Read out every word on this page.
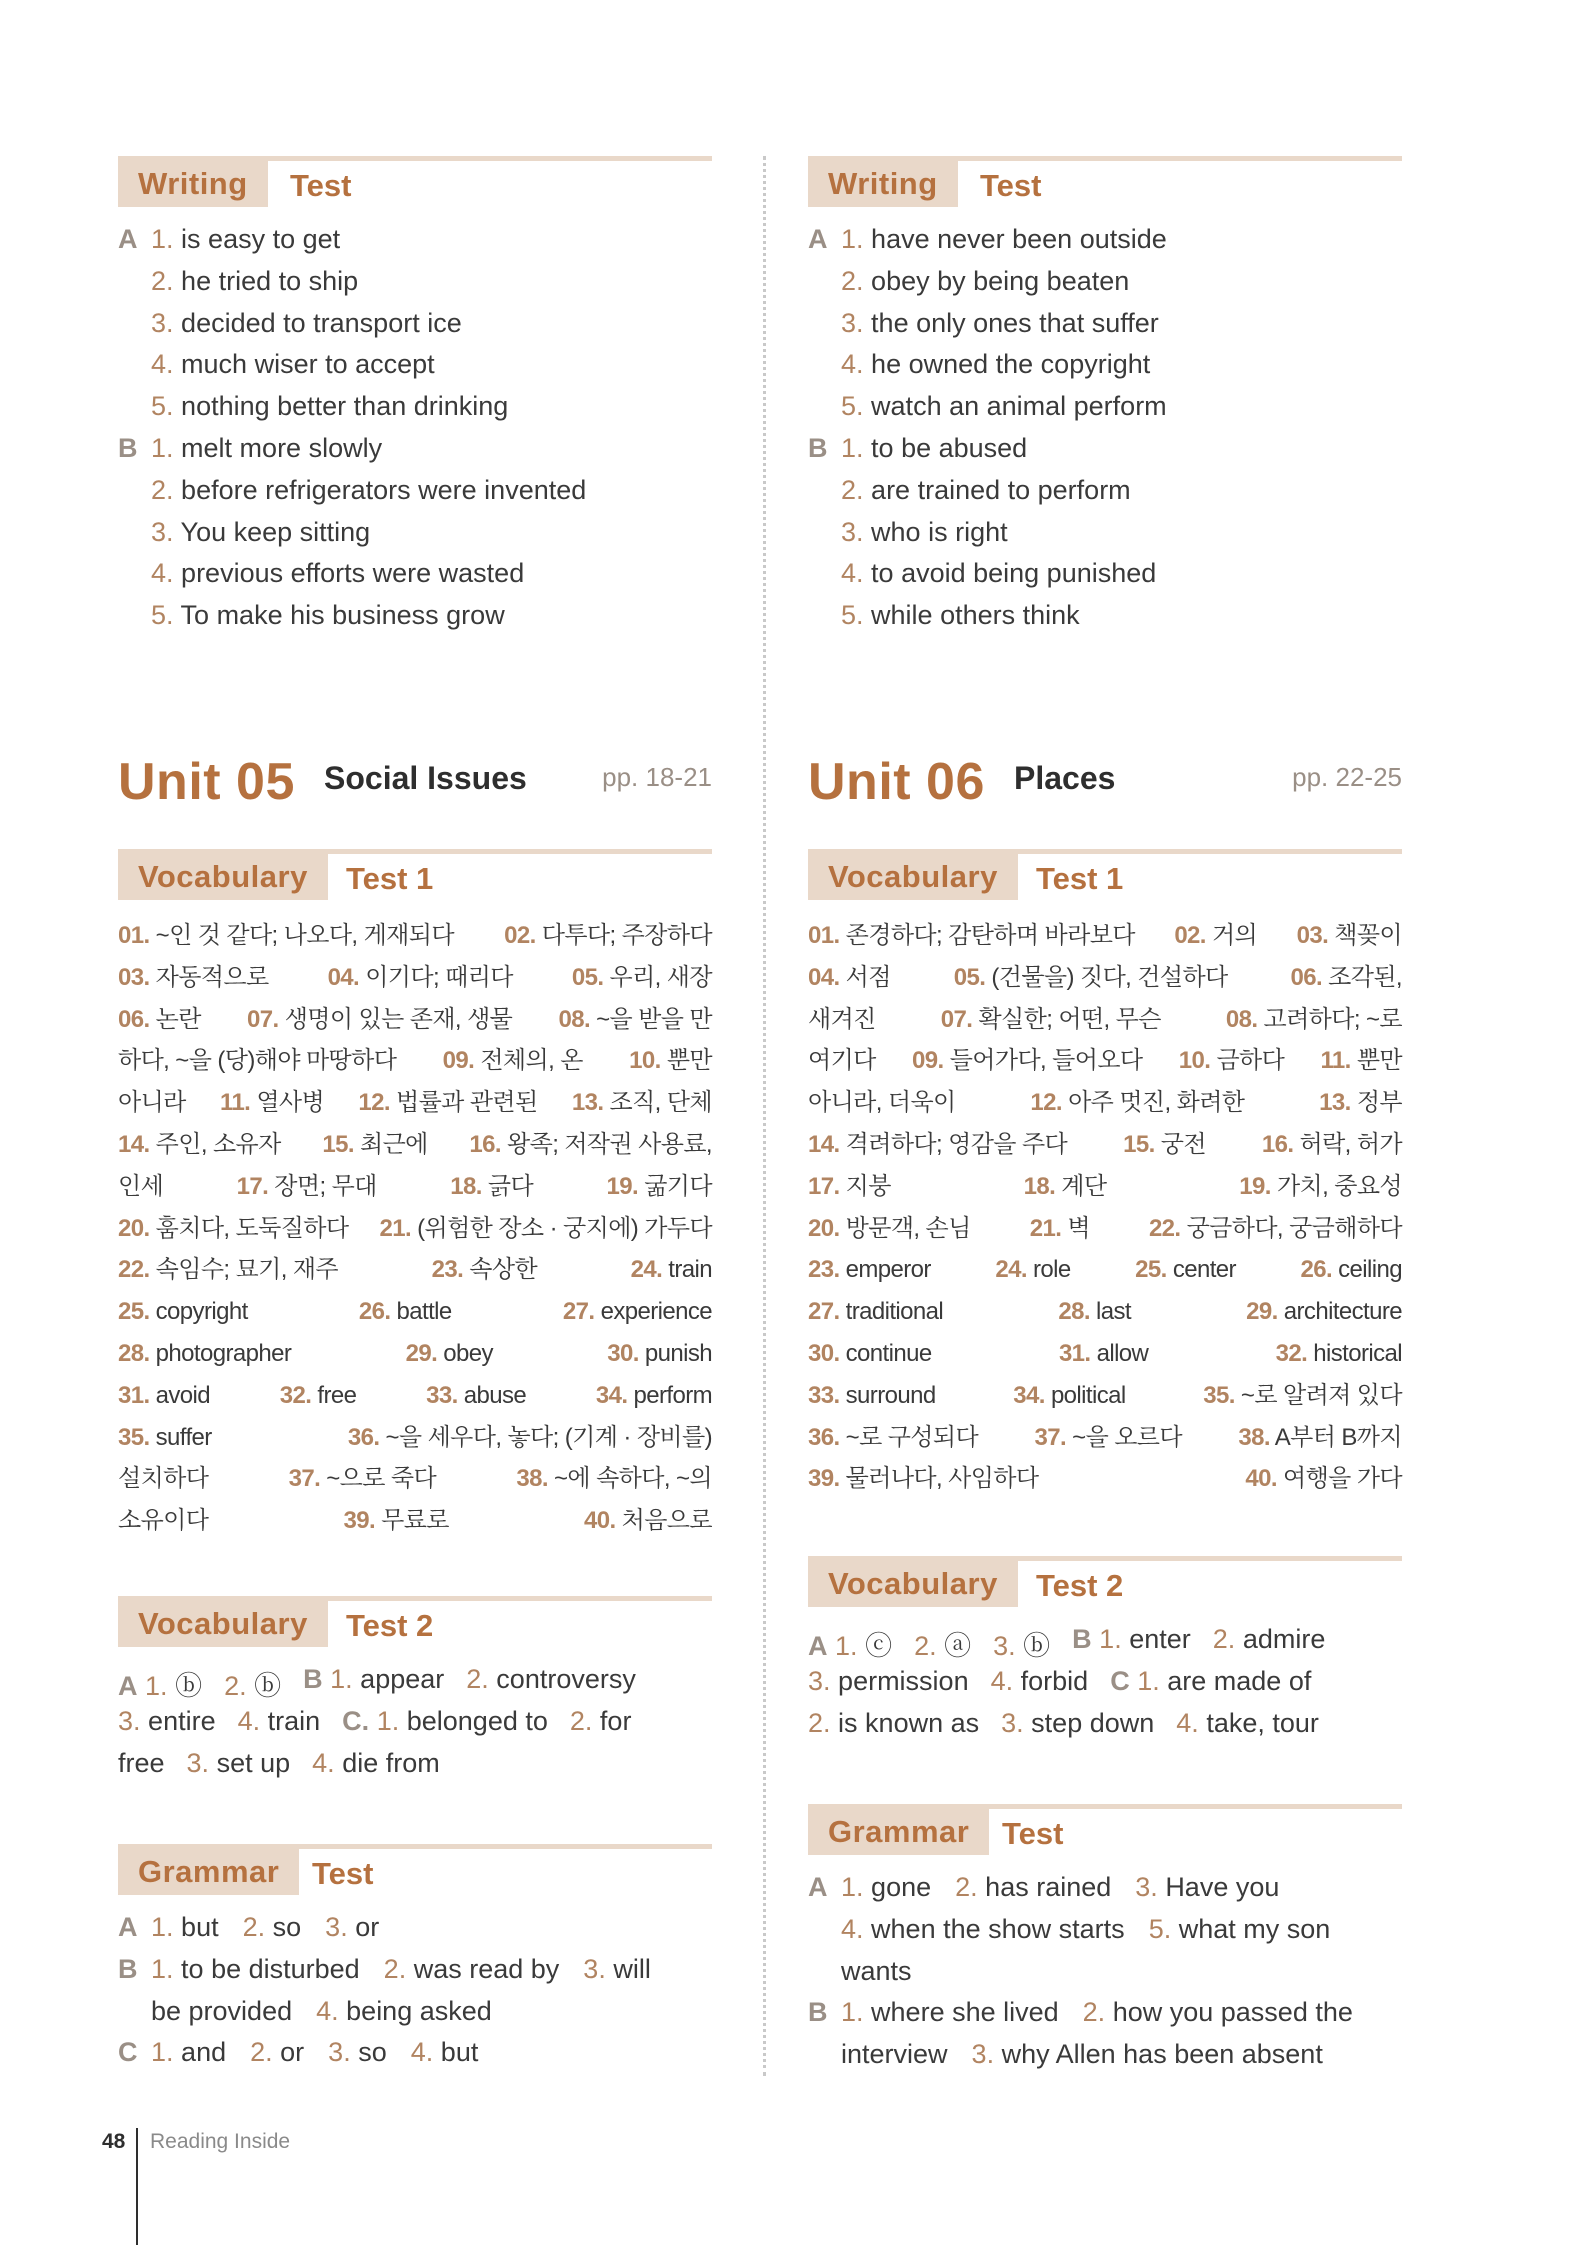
Writing	Test
A 1. is easy to get
2. he tried to ship
3. decided to transport ice
4. much wiser to accept
5. nothing better than drinking
B 1. melt more slowly
2. before refrigerators were invented
3. You keep sitting
4. previous efforts were wasted
5. To make his business grow
Unit 05 Social Issues	pp. 18-21
Vocabulary	Test 1
01. ~인 것 같다; 나오다, 게재되다 02. 다투다; 주장하다
03. 자동적으로 04. 이기다; 때리다 05. 우리, 새장
06. 논란 07. 생명이 있는 존재, 생물 08. ~을 받을 만
하다, ~을 (당)해야 마땅하다 09. 전체의, 온 10. 뿐만
아니라 11. 열사병 12. 법률과 관련된 13. 조직, 단체
14. 주인, 소유자 15. 최근에 16. 왕족; 저작권 사용료,
인세	17. 장면; 무대	18. 긁다	19. 굶기다
20. 훔치다, 도둑질하다 21. (위험한 장소 · 궁지에) 가두다
22. 속임수; 묘기, 재주	23. 속상한	24. train
25. copyright	26. battle	27. experience
28. photographer	29. obey	30. punish
31. avoid	32. free	33. abuse	34. perform
35. suffer	36. ~을 세우다, 놓다; (기계 · 장비를)
설치하다	37. ~으로 죽다	38. ~에 속하다, ~의
소유이다	39. 무료로	40. 처음으로
Vocabulary	Test 2
A 1. ⓑ 2. ⓑ B 1. appear 2. controversy
3. entire 4. train C. 1. belonged to 2. for
free 3. set up 4. die from
Grammar	Test
A 1. but 2. so 3. or
B 1. to be disturbed 2. was read by 3. will
be provided 4. being asked
C 1. and 2. or 3. so 4. but
Writing	Test
A 1. have never been outside
2. obey by being beaten
3. the only ones that suffer
4. he owned the copyright
5. watch an animal perform
B 1. to be abused
2. are trained to perform
3. who is right
4. to avoid being punished
5. while others think
Unit 06 Places	pp. 22-25
Vocabulary	Test 1
01. 존경하다; 감탄하며 바라보다 02. 거의 03. 책꽂이
04. 서점	05. (건물을) 짓다, 건설하다	06. 조각된,
새겨진	07. 확실한; 어떤, 무슨	08. 고려하다; ~로
여기다 09. 들어가다, 들어오다 10. 금하다 11. 뿐만
아니라, 더욱이	12. 아주 멋진, 화려한	13. 정부
14. 격려하다; 영감을 주다 15. 궁전 16. 허락, 허가
17. 지붕	18. 계단	19. 가치, 중요성
20. 방문객, 손님 21. 벽 22. 궁금하다, 궁금해하다
23. emperor	24. role	25. center	26. ceiling
27. traditional	28. last	29. architecture
30. continue	31. allow	32. historical
33. surround	34. political	35. ~로 알려져 있다
36. ~로 구성되다 37. ~을 오르다 38. A부터 B까지
39. 물러나다, 사임하다	40. 여행을 가다
Vocabulary	Test 2
A 1. ⓒ 2. ⓐ 3. ⓑ B 1. enter 2. admire
3. permission 4. forbid C 1. are made of
2. is known as 3. step down 4. take, tour
Grammar	Test
A 1. gone 2. has rained 3. Have you
4. when the show starts 5. what my son
wants
B 1. where she lived 2. how you passed the
interview 3. why Allen has been absent
48 Reading Inside
